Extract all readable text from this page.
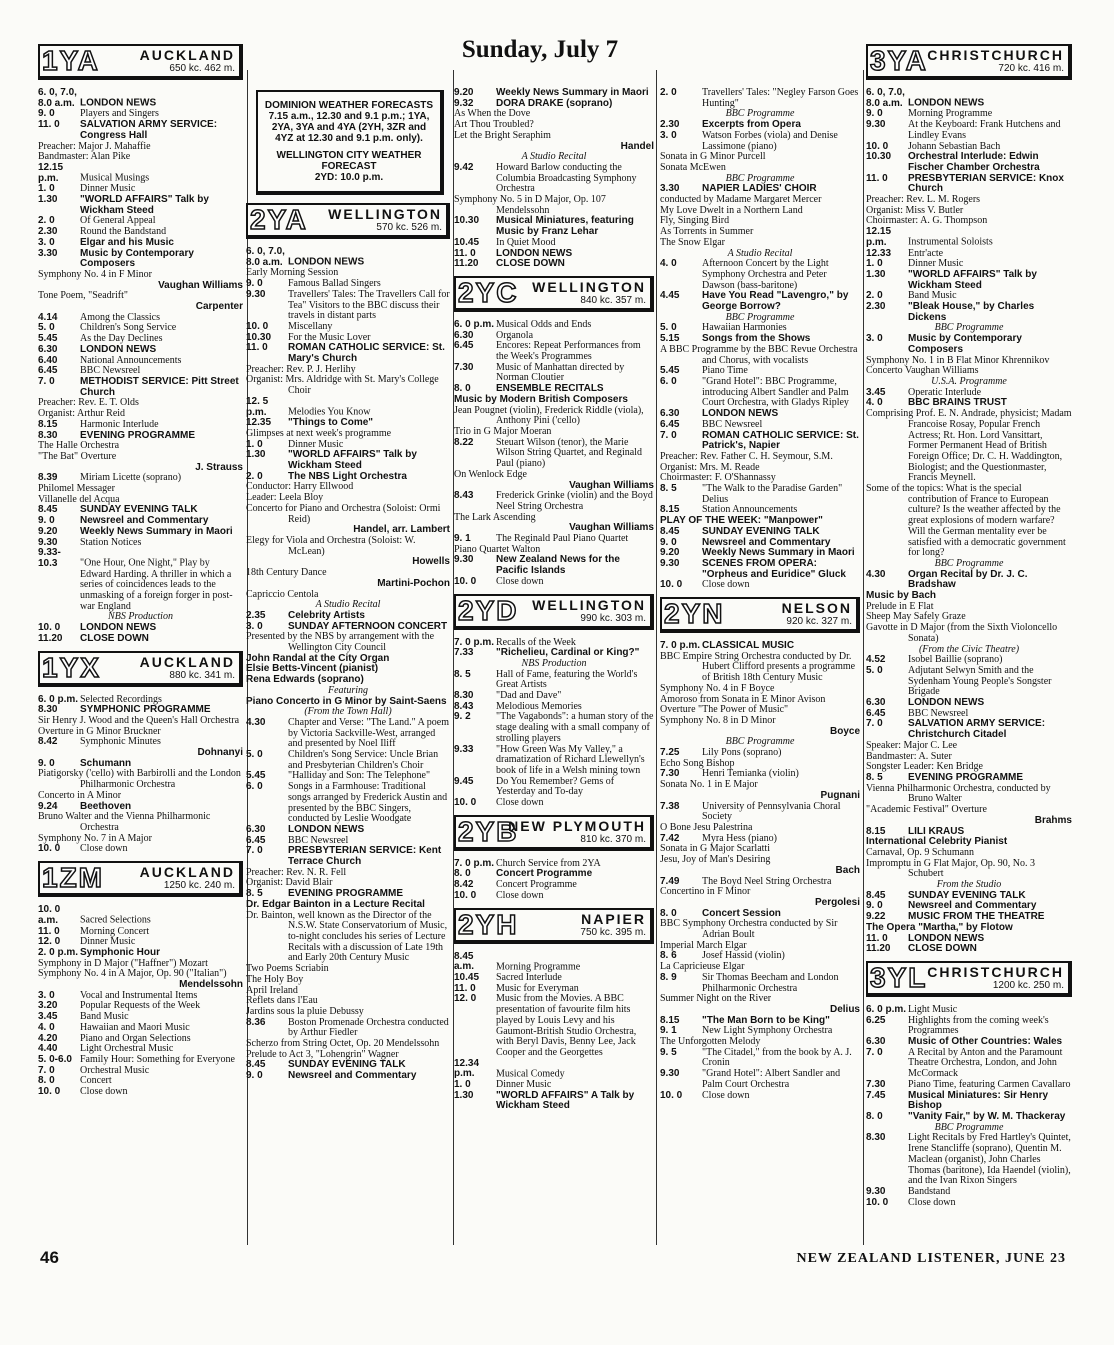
Sunday, July 7
1YA	AUCKLAND
650 kc. 462 m.
6. 0, 7.0, 8.0 a.m. LONDON NEWS
9. 0	Players and Singers
11. 0 SALVATION ARMY SERVICE: Congress Hall
Preacher: Major J. Mahaffie
Bandmaster: Alan Pike
12.15 p.m. Musical Musings
1. 0	Dinner Music
1.30 "WORLD AFFAIRS" Talk by Wickham Steed
2. 0	Of General Appeal
2.30 Round the Bandstand
3. 0	Elgar and his Music
3.30 Music by Contemporary Composers
Symphony No. 4 in F Minor
Vaughan Williams
Tone Poem, "Seadrift"
Carpenter
4.14 Among the Classics
5. 0	Children's Song Service
5.45 As the Day Declines
6.30 LONDON NEWS
6.40 National Announcements
6.45 BBC Newsreel
7. 0	METHODIST SERVICE: Pitt Street Church
Preacher: Rev. E. T. Olds
Organist: Arthur Reid
8.15 Harmonic Interlude
8.30 EVENING PROGRAMME
The Halle Orchestra
"The Bat" Overture
J. Strauss
8.39 Miriam Licette (soprano)
Philomel Messager
Villanelle del Acqua
8.45 SUNDAY EVENING TALK
9. 0	Newsreel and Commentary
9.20 Weekly News Summary in Maori
9.30 Station Notices
9.33-10.3 "One Hour, One Night," Play by Edward Harding. A thriller in which a series of coincidences leads to the unmasking of a foreign forger in post-war England
NBS Production
10. 0 LONDON NEWS
11.20 CLOSE DOWN
1YX	AUCKLAND
880 kc. 341 m.
6. 0 p.m. Selected Recordings
8.30 SYMPHONIC PROGRAMME
Sir Henry J. Wood and the Queen's Hall Orchestra
Overture in G Minor Bruckner
8.42 Symphonic Minutes
Dohnanyi
9. 0	Schumann
Piatigorsky ('cello) with Barbirolli and the London Philharmonic Orchestra
Concerto in A Minor
9.24 Beethoven
Bruno Walter and the Vienna Philharmonic Orchestra
Symphony No. 7 in A Major
10. 0 Close down
1ZM	AUCKLAND
1250 kc. 240 m.
10. 0 a.m. Sacred Selections
11. 0 Morning Concert
12. 0 Dinner Music
2. 0 p.m. Symphonic Hour
Symphony in D Major ("Haffner") Mozart
Symphony No. 4 in A Major, Op. 90 ("Italian")
Mendelssohn
3. 0	Vocal and Instrumental Items
3.20 Popular Requests of the Week
3.45 Band Music
4. 0	Hawaiian and Maori Music
4.20 Piano and Organ Selections
4.40 Light Orchestral Music
5. 0-6.0 Family Hour: Something for Everyone
7. 0	Orchestral Music
8. 0	Concert
10. 0 Close down
DOMINION WEATHER FORECASTS
7.15 a.m., 12.30 and 9.1 p.m.; 1YA, 2YA, 3YA and 4YA (2YH, 3ZR and 4YZ at 12.30 and 9.1 p.m. only).
WELLINGTON CITY WEATHER FORECAST
2YD: 10.0 p.m.
2YA WELLINGTON
570 kc. 526 m.
6. 0, 7.0, 8.0 a.m. LONDON NEWS
Early Morning Session
9. 0	Famous Ballad Singers
9.30 Travellers' Tales: The Travellers Call for Tea" Visitors to the BBC discuss their travels in distant parts
10. 0 Miscellany
10.30 For the Music Lover
11. 0 ROMAN CATHOLIC SERVICE: St. Mary's Church
Preacher: Rev. P. J. Herlihy
Organist: Mrs. Aldridge with St. Mary's College Choir
12. 5 p.m. Melodies You Know
12.35 "Things to Come"
Glimpses at next week's programme
1. 0	Dinner Music
1.30 "WORLD AFFAIRS" Talk by Wickham Steed
2. 0	The NBS Light Orchestra
Conductor: Harry Ellwood
Leader: Leela Bloy
Concerto for Piano and Orchestra (Soloist: Ormi Reid)
Handel, arr. Lambert
Elegy for Viola and Orchestra (Soloist: W. McLean)
Howells
18th Century Dance
Martini-Pochon
Capriccio Centola
A Studio Recital
2.35 Celebrity Artists
3. 0	SUNDAY AFTERNOON CONCERT
Presented by the NBS by arrangement with the Wellington City Council
John Randal at the City Organ
Elsie Betts-Vincent (pianist)
Rena Edwards (soprano)
Featuring
Piano Concerto in G Minor by Saint-Saens
(From the Town Hall)
4.30 Chapter and Verse: "The Land." A poem by Victoria Sackville-West, arranged and presented by Noel Iliff
5. 0	Children's Song Service: Uncle Brian and Presbyterian Children's Choir
5.45 "Halliday and Son: The Telephone"
6. 0	Songs in a Farmhouse: Traditional songs arranged by Frederick Austin and presented by the BBC Singers, conducted by Leslie Woodgate
6.30 LONDON NEWS
6.45 BBC Newsreel
7. 0	PRESBYTERIAN SERVICE: Kent Terrace Church
Preacher: Rev. N. R. Fell
Organist: David Blair
8. 5	EVENING PROGRAMME
Dr. Edgar Bainton in a Lecture Recital
Dr. Bainton, well known as the Director of the N.S.W. State Conservatorium of Music, to-night concludes his series of Lecture Recitals with a discussion of Late 19th and Early 20th Century Music
Two Poems Scriabin
The Holy Boy
April Ireland
Reflets dans l'Eau
Jardins sous la pluie Debussy
8.36 Boston Promenade Orchestra conducted by Arthur Fiedler
Scherzo from String Octet, Op. 20 Mendelssohn
Prelude to Act 3, "Lohengrin" Wagner
8.45 SUNDAY EVENING TALK
9. 0	Newsreel and Commentary
9.20 Weekly News Summary in Maori
9.32 DORA DRAKE (soprano)
As When the Dove
Art Thou Troubled?
Let the Bright Seraphim
Handel
A Studio Recital
9.42 Howard Barlow conducting the Columbia Broadcasting Symphony Orchestra
Symphony No. 5 in D Major, Op. 107 Mendelssohn
10.30 Musical Miniatures, featuring Music by Franz Lehar
10.45 In Quiet Mood
11. 0 LONDON NEWS
11.20 CLOSE DOWN
2YC WELLINGTON
840 kc. 357 m.
6. 0 p.m. Musical Odds and Ends
6.30 Organola
6.45 Encores: Repeat Performances from the Week's Programmes
7.30 Music of Manhattan directed by Norman Cloutier
8. 0	ENSEMBLE RECITALS
Music by Modern British Composers
Jean Pougnet (violin), Frederick Riddle (viola), Anthony Pini ('cello)
Trio in G Major Moeran
8.22 Steuart Wilson (tenor), the Marie Wilson String Quartet, and Reginald Paul (piano)
On Wenlock Edge
Vaughan Williams
8.43 Frederick Grinke (violin) and the Boyd Neel String Orchestra
The Lark Ascending
Vaughan Williams
9. 1	The Reginald Paul Piano Quartet
Piano Quartet Walton
9.30 New Zealand News for the Pacific Islands
10. 0 Close down
2YD WELLINGTON
990 kc. 303 m.
7. 0 p.m. Recalls of the Week
7.33 "Richelieu, Cardinal or King?"
NBS Production
8. 5	Hall of Fame, featuring the World's Great Artists
8.30 "Dad and Dave"
8.43 Melodious Memories
9. 2	"The Vagabonds": a human story of the stage dealing with a small company of strolling players
9.33 "How Green Was My Valley," a dramatization of Richard Llewellyn's book of life in a Welsh mining town
9.45 Do You Remember? Gems of Yesterday and To-day
10. 0 Close down
2YB
NEW PLYMOUTH
810 kc. 370 m.
7. 0 p.m. Church Service from 2YA
8. 0	Concert Programme
8.42 Concert Programme
10. 0 Close down
2YH	NAPIER
750 kc. 395 m.
8.45 a.m. Morning Programme
10.45 Sacred Interlude
11. 0 Music for Everyman
12. 0 Music from the Movies. A BBC presentation of favourite film hits played by Louis Levy and his Gaumont-British Studio Orchestra, with Beryl Davis, Benny Lee, Jack Cooper and the Georgettes
12.34 p.m. Musical Comedy
1. 0	Dinner Music
1.30 "WORLD AFFAIRS" A Talk by Wickham Steed
2. 0	Travellers' Tales: "Negley Farson Goes Hunting"
BBC Programme
2.30 Excerpts from Opera
3. 0	Watson Forbes (viola) and Denise Lassimone (piano)
Sonata in G Minor Purcell
Sonata McEwen
BBC Programme
3.30 NAPIER LADIES' CHOIR
conducted by Madame Margaret Mercer
My Love Dwelt in a Northern Land
Fly, Singing Bird
As Torrents in Summer
The Snow Elgar
A Studio Recital
4. 0	Afternoon Concert by the Light Symphony Orchestra and Peter Dawson (bass-baritone)
4.45 Have You Read "Lavengro," by George Borrow?
BBC Programme
5. 0	Hawaiian Harmonies
5.15 Songs from the Shows
A BBC Programme by the BBC Revue Orchestra and Chorus, with vocalists
5.45 Piano Time
6. 0	"Grand Hotel": BBC Programme, introducing Albert Sandler and Palm Court Orchestra, with Gladys Ripley
6.30 LONDON NEWS
6.45 BBC Newsreel
7. 0	ROMAN CATHOLIC SERVICE: St. Patrick's, Napier
Preacher: Rev. Father C. H. Seymour, S.M.
Organist: Mrs. M. Reade
Choirmaster: F. O'Shannassy
8. 5	"The Walk to the Paradise Garden" Delius
8.15 Station Announcements
PLAY OF THE WEEK: "Manpower"
8.45 SUNDAY EVENING TALK
9. 0	Newsreel and Commentary
9.20 Weekly News Summary in Maori
9.30 SCENES FROM OPERA: "Orpheus and Euridice" Gluck
10. 0 Close down
2YN	NELSON
920 kc. 327 m.
7. 0 p.m. CLASSICAL MUSIC
BBC Empire String Orchestra conducted by Dr. Hubert Clifford presents a programme of British 18th Century Music
Symphony No. 4 in F Boyce
Amoroso from Sonata in E Minor Avison
Overture "The Power of Music"
Symphony No. 8 in D Minor
Boyce
BBC Programme
7.25 Lily Pons (soprano)
Echo Song Bishop
7.30 Henri Temianka (violin)
Sonata No. 1 in E Major
Pugnani
7.38 University of Pennsylvania Choral Society
O Bone Jesu Palestrina
7.42 Myra Hess (piano)
Sonata in G Major Scarlatti
Jesu, Joy of Man's Desiring
Bach
7.49 The Boyd Neel String Orchestra
Concertino in F Minor
Pergolesi
8. 0	Concert Session
BBC Symphony Orchestra conducted by Sir Adrian Boult
Imperial March Elgar
8. 6	Josef Hassid (violin)
La Capricieuse Elgar
8. 9	Sir Thomas Beecham and London Philharmonic Orchestra
Summer Night on the River
Delius
8.15 "The Man Born to be King"
9. 1	New Light Symphony Orchestra
The Unforgotten Melody
9. 5	"The Citadel," from the book by A. J. Cronin
9.30 "Grand Hotel": Albert Sandler and Palm Court Orchestra
10. 0 Close down
3YA CHRISTCHURCH
720 kc. 416 m.
6. 0, 7.0, 8.0 a.m. LONDON NEWS
9. 0	Morning Programme
9.30 At the Keyboard: Frank Hutchens and Lindley Evans
10. 0 Johann Sebastian Bach
10.30 Orchestral Interlude: Edwin Fischer Chamber Orchestra
11. 0 PRESBYTERIAN SERVICE: Knox Church
Preacher: Rev. L. M. Rogers
Organist: Miss V. Butler
Choirmaster: A. G. Thompson
12.15 p.m. Instrumental Soloists
12.33 Entr'acte
1. 0	Dinner Music
1.30 "WORLD AFFAIRS" Talk by Wickham Steed
2. 0	Band Music
2.30 "Bleak House," by Charles Dickens
BBC Programme
3. 0	Music by Contemporary Composers
Symphony No. 1 in B Flat Minor Khrennikov
Concerto Vaughan Williams
U.S.A. Programme
3.45 Operatic Interlude
4. 0	BBC BRAINS TRUST
Comprising Prof. E. N. Andrade, physicist; Madam Francoise Rosay, Popular French Actress; Rt. Hon. Lord Vansittart, Former Permanent Head of British Foreign Office; Dr. C. H. Waddington, Biologist; and the Questionmaster, Francis Meynell.
Some of the topics: What is the special contribution of France to European culture? Is the weather affected by the great explosions of modern warfare? Will the German mentality ever be satisfied with a democratic government for long?
BBC Programme
4.30 Organ Recital by Dr. J. C. Bradshaw
Music by Bach
Prelude in E Flat
Sheep May Safely Graze
Gavotte in D Major (from the Sixth Violoncello Sonata)
(From the Civic Theatre)
4.52 Isobel Baillie (soprano)
5. 0	Adjutant Selwyn Smith and the Sydenham Young People's Songster Brigade
6.30 LONDON NEWS
6.45 BBC Newsreel
7. 0	SALVATION ARMY SERVICE: Christchurch Citadel
Speaker: Major C. Lee
Bandmaster: A. Suter
Songster Leader: Ken Bridge
8. 5	EVENING PROGRAMME
Vienna Philharmonic Orchestra, conducted by Bruno Walter
"Academic Festival" Overture
Brahms
8.15 LILI KRAUS
International Celebrity Pianist
Carnaval, Op. 9 Schumann
Impromptu in G Flat Major, Op. 90, No. 3 Schubert
From the Studio
8.45 SUNDAY EVENING TALK
9. 0	Newsreel and Commentary
9.22 MUSIC FROM THE THEATRE
The Opera "Martha," by Flotow
11. 0 LONDON NEWS
11.20 CLOSE DOWN
3YL CHRISTCHURCH
1200 kc. 250 m.
6. 0 p.m. Light Music
6.25 Highlights from the coming week's Programmes
6.30 Music of Other Countries: Wales
7. 0	A Recital by Anton and the Paramount Theatre Orchestra, London, and John McCormack
7.30 Piano Time, featuring Carmen Cavallaro
7.45 Musical Miniatures: Sir Henry Bishop
8. 0	"Vanity Fair," by W. M. Thackeray
BBC Programme
8.30 Light Recitals by Fred Hartley's Quintet, Irene Stancliffe (soprano), Quentin M. Maclean (organist), John Charles Thomas (baritone), Ida Haendel (violin), and the Ivan Rixon Singers
9.30 Bandstand
10. 0 Close down
46	NEW ZEALAND LISTENER, JUNE 23
